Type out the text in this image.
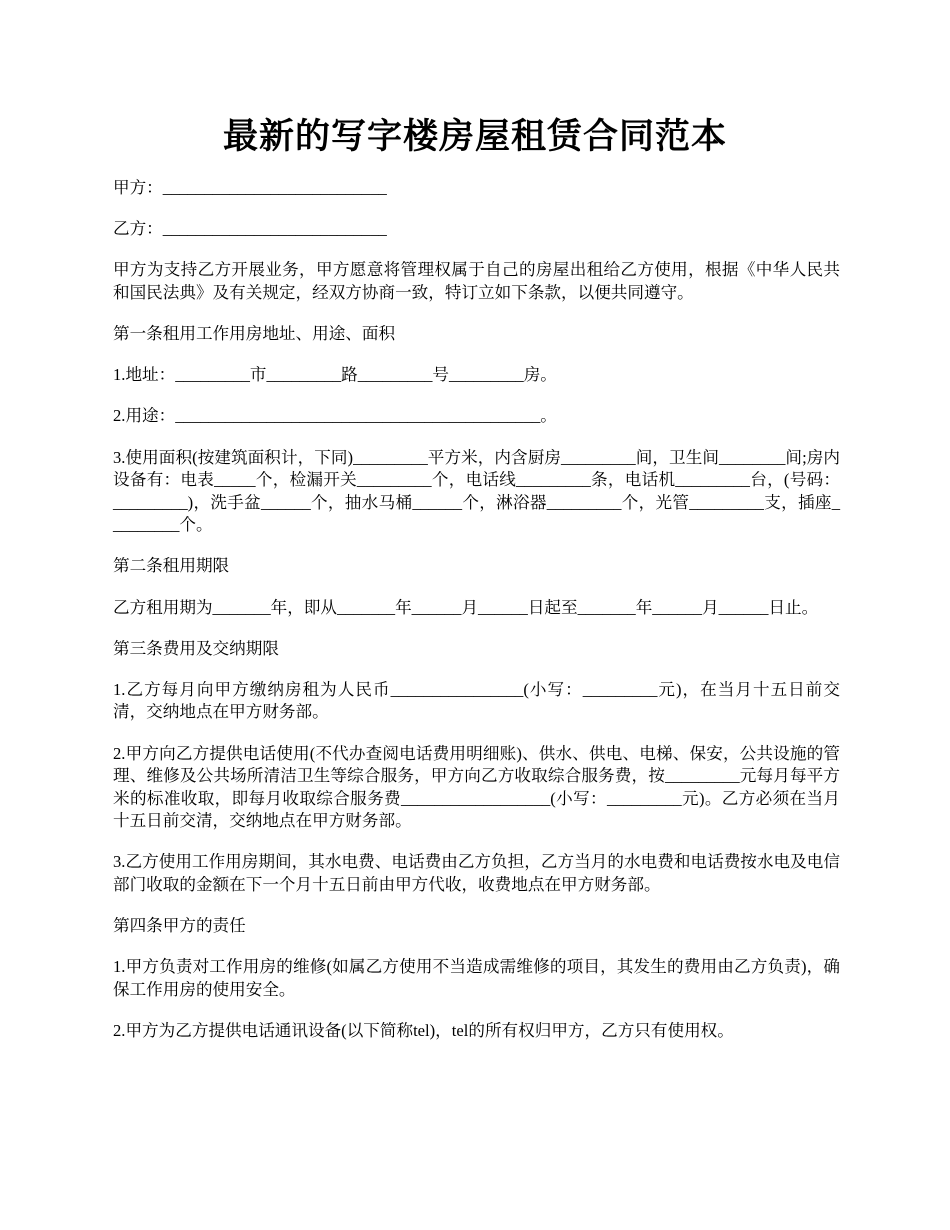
最新的写字楼房屋租赁合同范本

甲方：___________________________

乙方：___________________________

甲方为支持乙方开展业务，甲方愿意将管理权属于自己的房屋出租给乙方使用，根据《中华人民共和国民法典》及有关规定，经双方协商一致，特订立如下条款，以便共同遵守。

第一条租用工作用房地址、用途、面积

1.地址：_________市_________路_________号_________房。

2.用途：____________________________________________。

3.使用面积(按建筑面积计，下同)_________平方米，内含厨房_________间，卫生间________间;房内设备有：电表_____个，检漏开关_________个，电话线_________条，电话机_________台，(号码：_________)，洗手盆______个，抽水马桶______个，淋浴器_________个，光管_________支，插座_________个。

第二条租用期限

乙方租用期为_______年，即从_______年______月______日起至_______年______月______日止。

第三条费用及交纳期限

1.乙方每月向甲方缴纳房租为人民币________________(小写：_________元)，在当月十五日前交清，交纳地点在甲方财务部。

2.甲方向乙方提供电话使用(不代办查阅电话费用明细账)、供水、供电、电梯、保安，公共设施的管理、维修及公共场所清洁卫生等综合服务，甲方向乙方收取综合服务费，按_________元每月每平方米的标准收取，即每月收取综合服务费__________________(小写：_________元)。乙方必须在当月十五日前交清，交纳地点在甲方财务部。

3.乙方使用工作用房期间，其水电费、电话费由乙方负担，乙方当月的水电费和电话费按水电及电信部门收取的金额在下一个月十五日前由甲方代收，收费地点在甲方财务部。

第四条甲方的责任

1.甲方负责对工作用房的维修(如属乙方使用不当造成需维修的项目，其发生的费用由乙方负责)，确保工作用房的使用安全。

2.甲方为乙方提供电话通讯设备(以下简称tel)，tel的所有权归甲方，乙方只有使用权。
